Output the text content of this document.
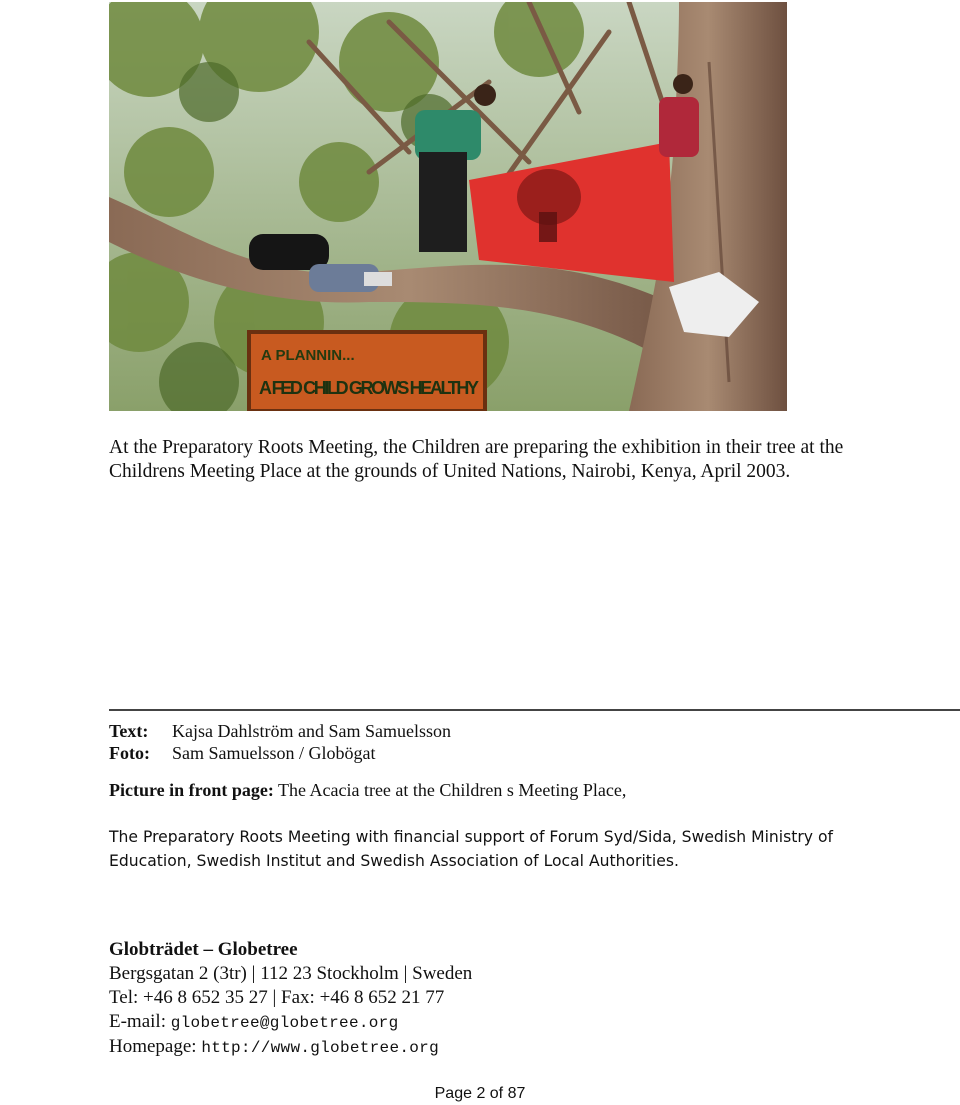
A PLANNIN...
A FED CHILD GROWS HEALTHY

At the Preparatory Roots Meeting, the Children are preparing the exhibition in their tree at the Childrens Meeting Place at the grounds of United Nations, Nairobi, Kenya, April 2003.

Text:	Kajsa Dahlström and Sam Samuelsson
Foto:	Sam Samuelsson / Globögat
Picture in front page: The Acacia tree at the Children s Meeting Place,

The Preparatory Roots Meeting with financial support of Forum Syd/Sida, Swedish Ministry of Education, Swedish Institut and Swedish Association of Local Authorities.

Globträdet – Globetree
Bergsgatan 2 (3tr) | 112 23 Stockholm | Sweden
Tel: +46 8 652 35 27 | Fax: +46 8 652 21 77
E-mail: globetree@globetree.org
Homepage: http://www.globetree.org
Page 2 of 87
